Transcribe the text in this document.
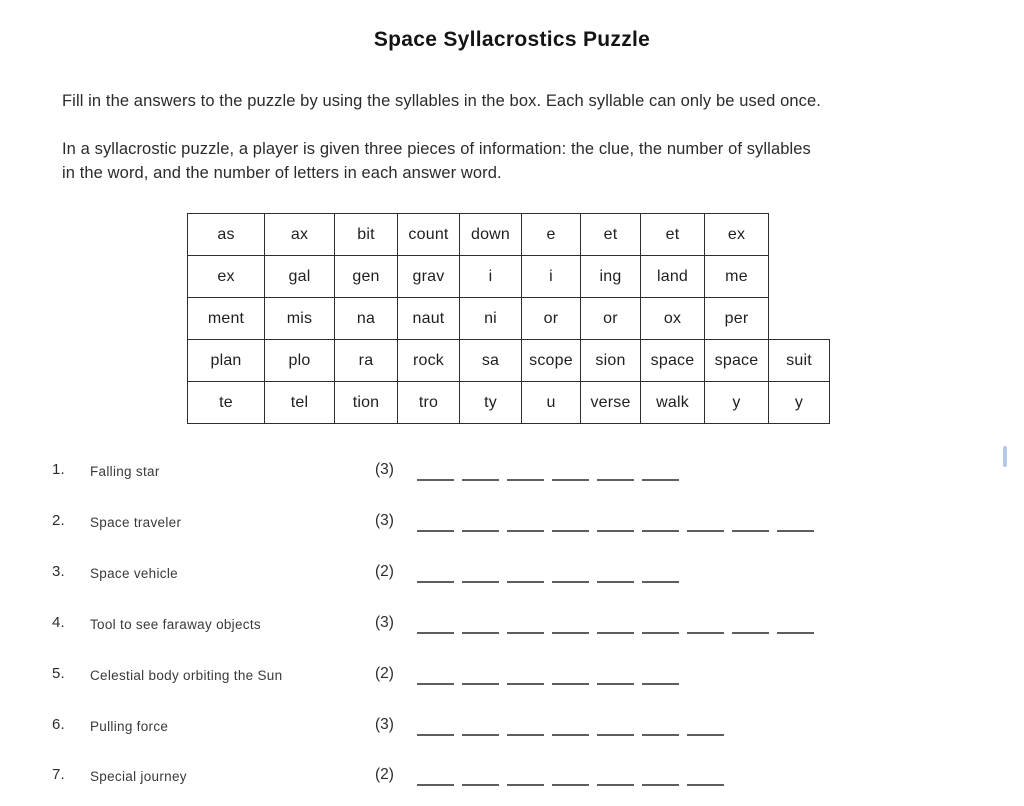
Space Syllacrostics Puzzle
Fill in the answers to the puzzle by using the syllables in the box. Each syllable can only be used once.
In a syllacrostic puzzle, a player is given three pieces of information: the clue, the number of syllables
in the word, and the number of letters in each answer word.
as	ax	bit	count	down	e	et	et	ex	
ex	gal	gen	grav	i	i	ing	land	me	
ment	mis	na	naut	ni	or	or	ox	per	
plan	plo	ra	rock	sa	scope	sion	space	space	suit
te	tel	tion	tro	ty	u	verse	walk	y	y
1. Falling star	(3)
2. Space traveler	(3)
3. Space vehicle	(2)
4. Tool to see faraway objects	(3)
5. Celestial body orbiting the Sun	(2)
6. Pulling force	(3)
7. Special journey	(2)
